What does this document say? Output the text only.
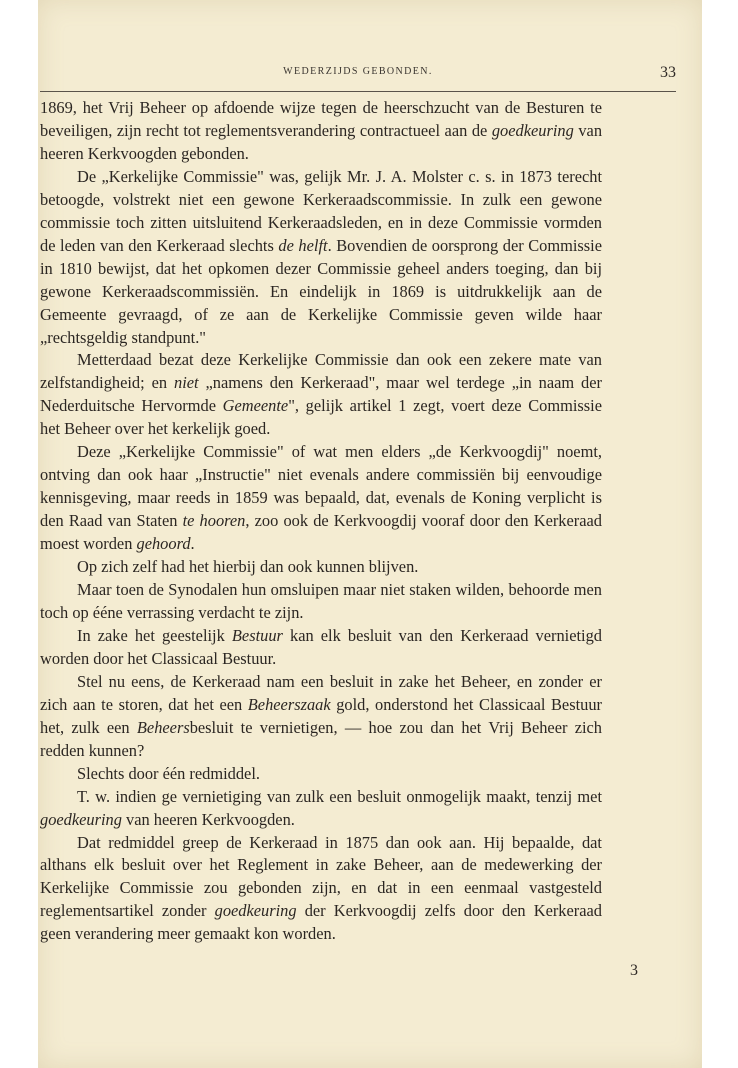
WEDERZIJDS GEBONDEN.	33

1869, het Vrij Beheer op afdoende wijze tegen de heerschzucht van de Besturen te beveiligen, zijn recht tot reglementsverandering contractueel aan de goedkeuring van heeren Kerkvoogden gebonden.

De „Kerkelijke Commissie" was, gelijk Mr. J. A. Molster c. s. in 1873 terecht betoogde, volstrekt niet een gewone Kerkeraadscommissie. In zulk een gewone commissie toch zitten uitsluitend Kerkeraadsleden, en in deze Commissie vormden de leden van den Kerkeraad slechts de helft. Bovendien de oorsprong der Commissie in 1810 bewijst, dat het opkomen dezer Commissie geheel anders toeging, dan bij gewone Kerkeraadscommissiën. En eindelijk in 1869 is uitdrukkelijk aan de Gemeente gevraagd, of ze aan de Kerkelijke Commissie geven wilde haar „rechtsgeldig standpunt."

Metterdaad bezat deze Kerkelijke Commissie dan ook een zekere mate van zelfstandigheid; en niet „namens den Kerkeraad", maar wel terdege „in naam der Nederduitsche Hervormde Gemeente", gelijk artikel 1 zegt, voert deze Commissie het Beheer over het kerkelijk goed.

Deze „Kerkelijke Commissie" of wat men elders „de Kerkvoogdij" noemt, ontving dan ook haar „Instructie" niet evenals andere commissiën bij eenvoudige kennisgeving, maar reeds in 1859 was bepaald, dat, evenals de Koning verplicht is den Raad van Staten te hooren, zoo ook de Kerkvoogdij vooraf door den Kerkeraad moest worden gehoord.

Op zich zelf had het hierbij dan ook kunnen blijven.

Maar toen de Synodalen hun omsluipen maar niet staken wilden, behoorde men toch op ééne verrassing verdacht te zijn.

In zake het geestelijk Bestuur kan elk besluit van den Kerkeraad vernietigd worden door het Classicaal Bestuur.

Stel nu eens, de Kerkeraad nam een besluit in zake het Beheer, en zonder er zich aan te storen, dat het een Beheerszaak gold, onderstond het Classicaal Bestuur het, zulk een Beheersbesluit te vernietigen, — hoe zou dan het Vrij Beheer zich redden kunnen?

Slechts door één redmiddel.

T. w. indien ge vernietiging van zulk een besluit onmogelijk maakt, tenzij met goedkeuring van heeren Kerkvoogden.

Dat redmiddel greep de Kerkeraad in 1875 dan ook aan. Hij bepaalde, dat althans elk besluit over het Reglement in zake Beheer, aan de medewerking der Kerkelijke Commissie zou gebonden zijn, en dat in een eenmaal vastgesteld reglementsartikel zonder goedkeuring der Kerkvoogdij zelfs door den Kerkeraad geen verandering meer gemaakt kon worden.

3
